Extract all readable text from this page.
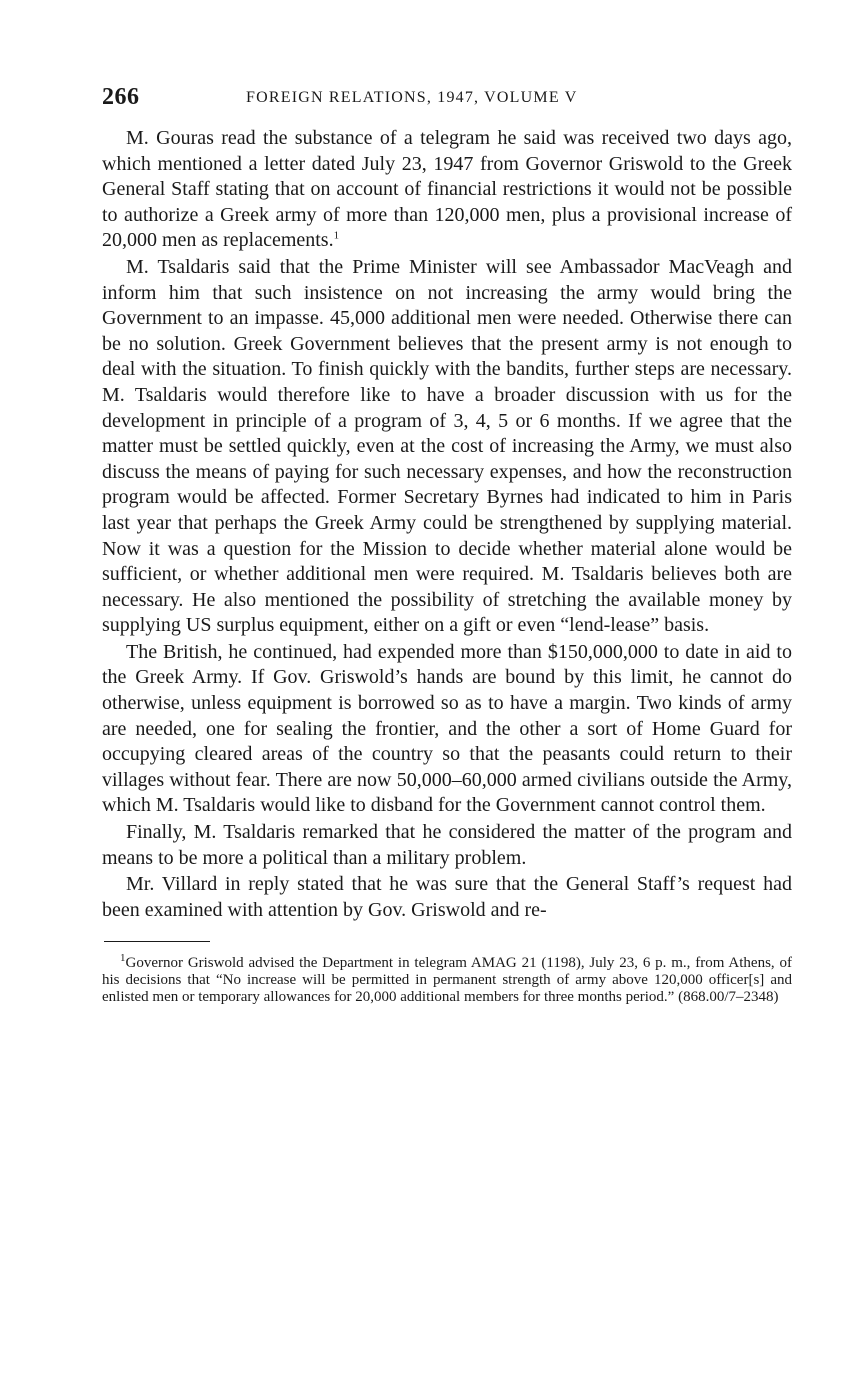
266	FOREIGN RELATIONS, 1947, VOLUME V

M. Gouras read the substance of a telegram he said was received two days ago, which mentioned a letter dated July 23, 1947 from Governor Griswold to the Greek General Staff stating that on account of financial restrictions it would not be possible to authorize a Greek army of more than 120,000 men, plus a provisional increase of 20,000 men as replacements.$^1$

M. Tsaldaris said that the Prime Minister will see Ambassador MacVeagh and inform him that such insistence on not increasing the army would bring the Government to an impasse. 45,000 additional men were needed. Otherwise there can be no solution. Greek Government believes that the present army is not enough to deal with the situation. To finish quickly with the bandits, further steps are necessary. M. Tsaldaris would therefore like to have a broader discussion with us for the development in principle of a program of 3, 4, 5 or 6 months. If we agree that the matter must be settled quickly, even at the cost of increasing the Army, we must also discuss the means of paying for such necessary expenses, and how the reconstruction program would be affected. Former Secretary Byrnes had indicated to him in Paris last year that perhaps the Greek Army could be strengthened by supplying material. Now it was a question for the Mission to decide whether material alone would be sufficient, or whether additional men were required. M. Tsaldaris believes both are necessary. He also mentioned the possibility of stretching the available money by supplying US surplus equipment, either on a gift or even “lend-lease” basis.

The British, he continued, had expended more than $150,000,000 to date in aid to the Greek Army. If Gov. Griswold’s hands are bound by this limit, he cannot do otherwise, unless equipment is borrowed so as to have a margin. Two kinds of army are needed, one for sealing the frontier, and the other a sort of Home Guard for occupying cleared areas of the country so that the peasants could return to their villages without fear. There are now 50,000–60,000 armed civilians outside the Army, which M. Tsaldaris would like to disband for the Government cannot control them.

Finally, M. Tsaldaris remarked that he considered the matter of the program and means to be more a political than a military problem.

Mr. Villard in reply stated that he was sure that the General Staff’s request had been examined with attention by Gov. Griswold and re-

$^1$Governor Griswold advised the Department in telegram AMAG 21 (1198), July 23, 6 p. m., from Athens, of his decisions that “No increase will be permitted in permanent strength of army above 120,000 officer[s] and enlisted men or temporary allowances for 20,000 additional members for three months period.” (868.00/7–2348)
